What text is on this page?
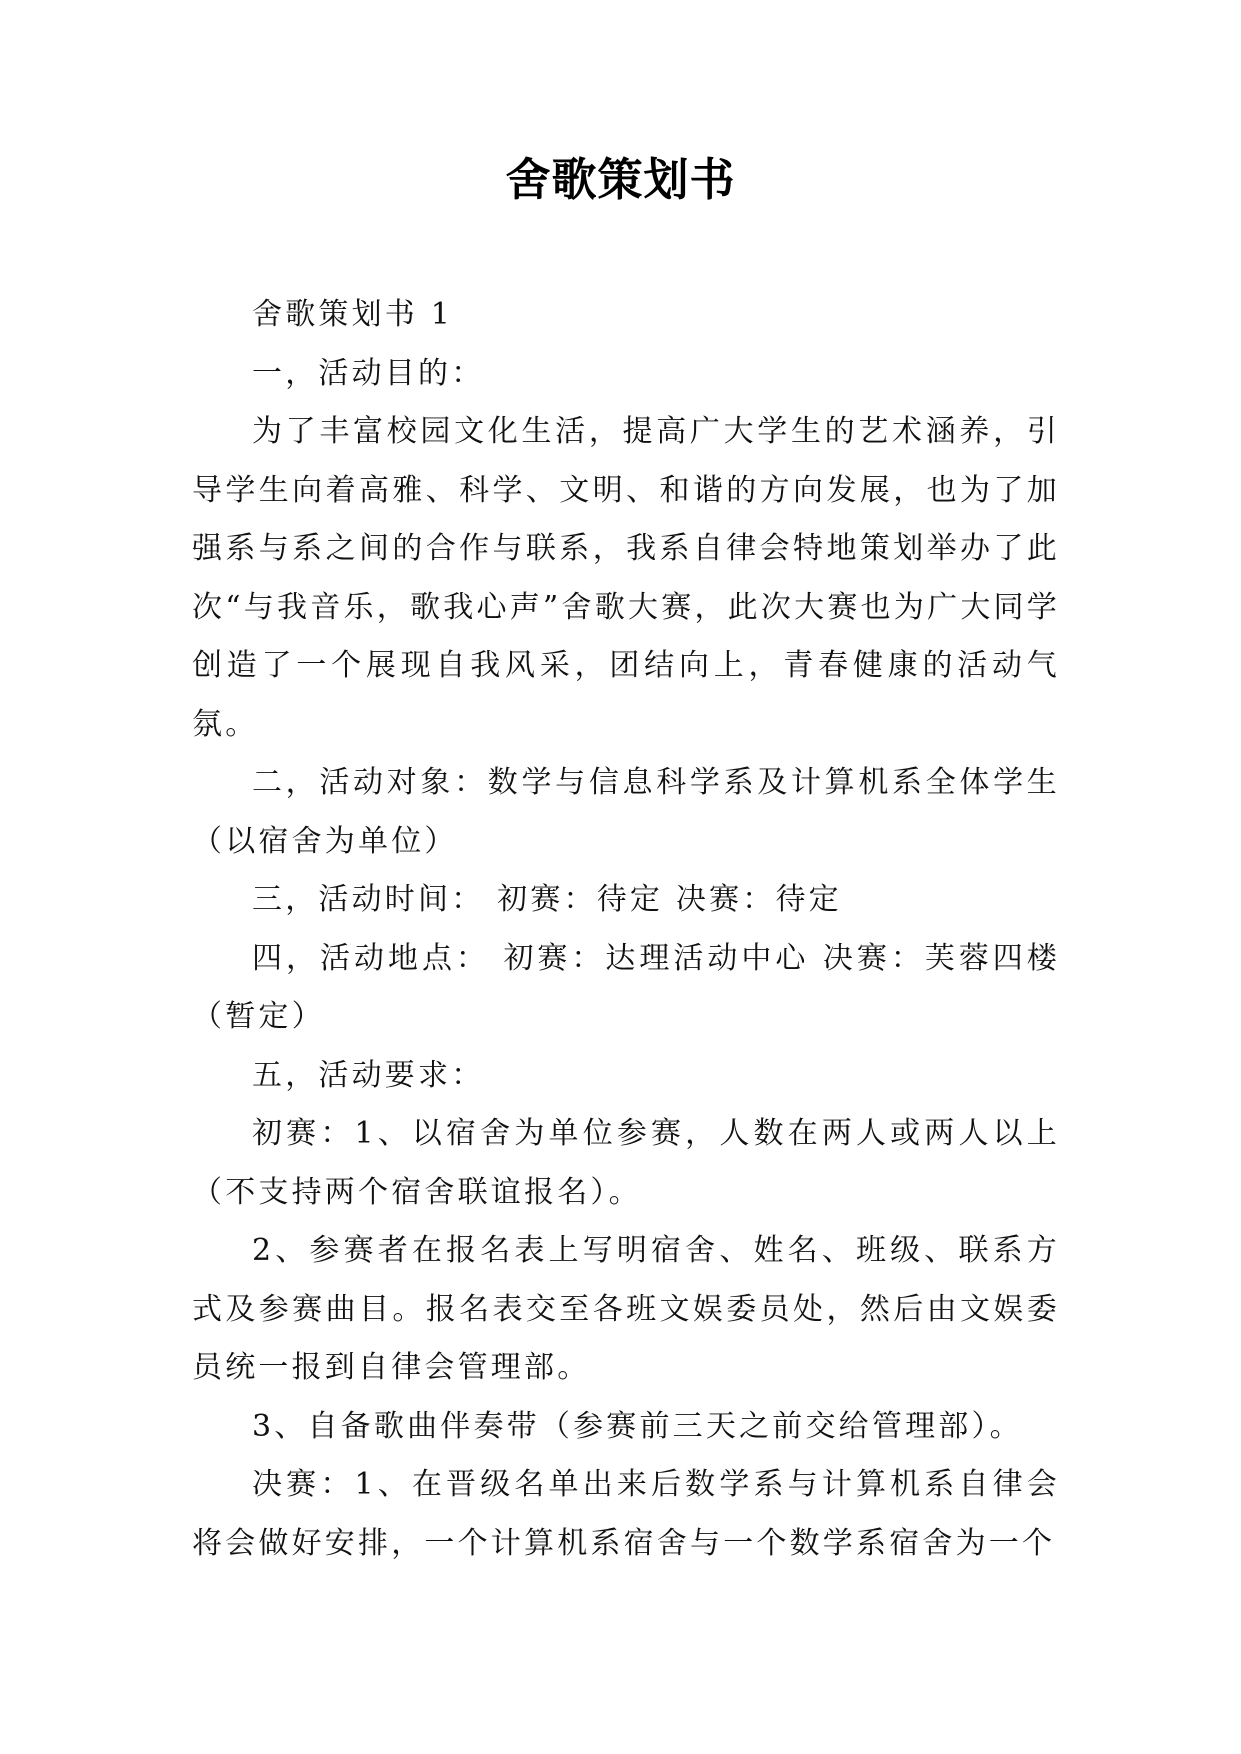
舍歌策划书

舍歌策划书 1

一，活动目的：

为了丰富校园文化生活，提高广大学生的艺术涵养，引导学生向着高雅、科学、文明、和谐的方向发展，也为了加强系与系之间的合作与联系，我系自律会特地策划举办了此次“与我音乐，歌我心声”舍歌大赛，此次大赛也为广大同学创造了一个展现自我风采，团结向上，青春健康的活动气氛。

二，活动对象：数学与信息科学系及计算机系全体学生（以宿舍为单位）

三，活动时间： 初赛：待定 决赛：待定

四，活动地点： 初赛：达理活动中心 决赛：芙蓉四楼（暂定）

五，活动要求：

初赛：1、以宿舍为单位参赛，人数在两人或两人以上（不支持两个宿舍联谊报名）。

2、参赛者在报名表上写明宿舍、姓名、班级、联系方式及参赛曲目。报名表交至各班文娱委员处，然后由文娱委员统一报到自律会管理部。

3、自备歌曲伴奏带（参赛前三天之前交给管理部）。

决赛：1、在晋级名单出来后数学系与计算机系自律会将会做好安排，一个计算机系宿舍与一个数学系宿舍为一个
